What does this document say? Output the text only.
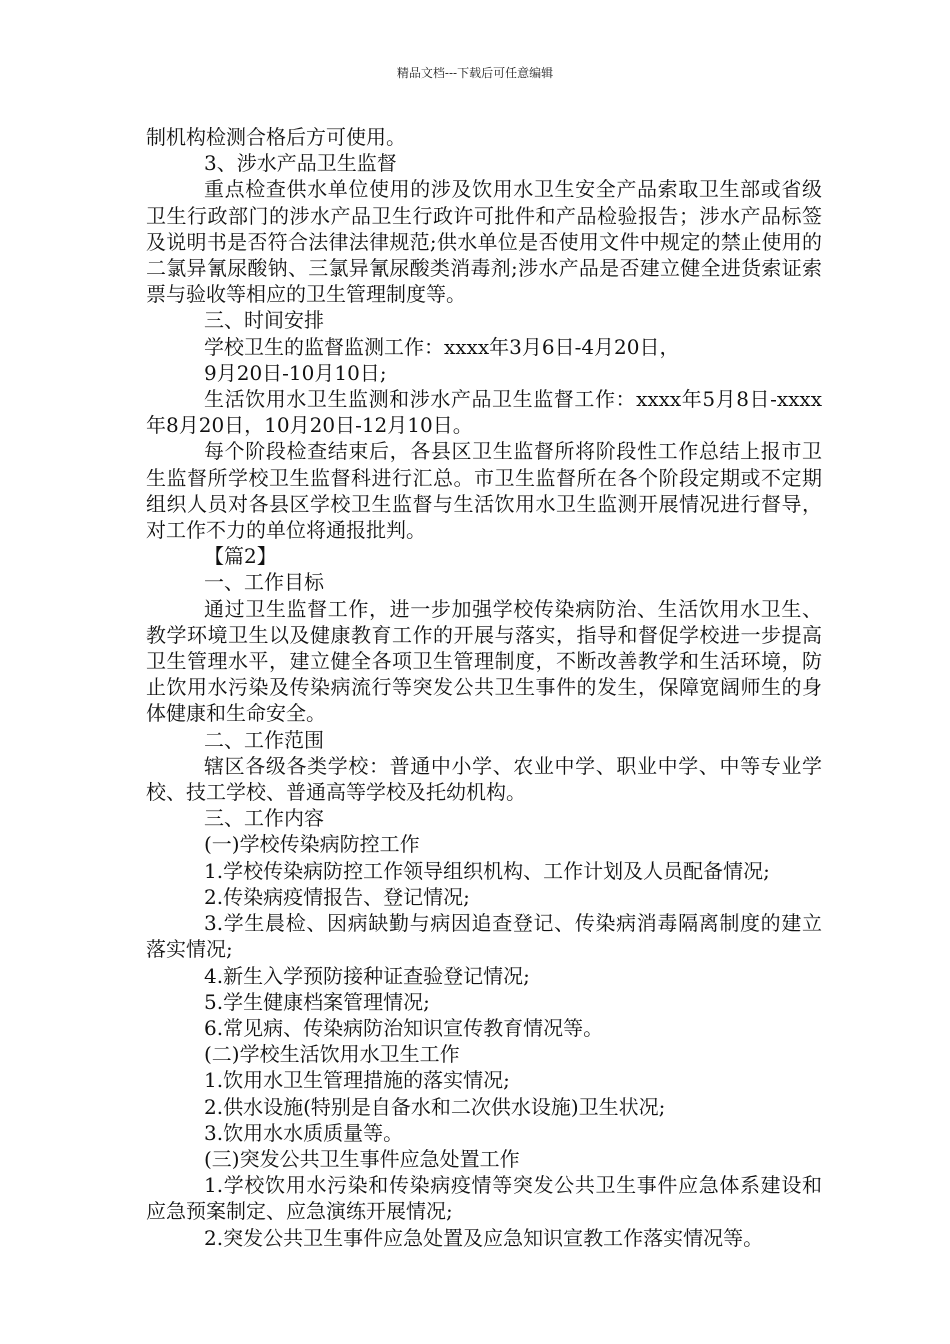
精品文档---下载后可任意编辑

制机构检测合格后方可使用。

3、涉水产品卫生监督

重点检查供水单位使用的涉及饮用水卫生安全产品索取卫生部或省级卫生行政部门的涉水产品卫生行政许可批件和产品检验报告；涉水产品标签及说明书是否符合法律法律规范;供水单位是否使用文件中规定的禁止使用的二氯异氰尿酸钠、三氯异氰尿酸类消毒剂;涉水产品是否建立健全进货索证索票与验收等相应的卫生管理制度等。

三、时间安排

学校卫生的监督监测工作：xxxx年3月6日-4月20日，

9月20日-10月10日;

生活饮用水卫生监测和涉水产品卫生监督工作：xxxx年5月8日-xxxx年8月20日，10月20日-12月10日。

每个阶段检查结束后，各县区卫生监督所将阶段性工作总结上报市卫生监督所学校卫生监督科进行汇总。市卫生监督所在各个阶段定期或不定期组织人员对各县区学校卫生监督与生活饮用水卫生监测开展情况进行督导，对工作不力的单位将通报批判。

【篇2】

一、工作目标

通过卫生监督工作，进一步加强学校传染病防治、生活饮用水卫生、教学环境卫生以及健康教育工作的开展与落实，指导和督促学校进一步提高卫生管理水平，建立健全各项卫生管理制度，不断改善教学和生活环境，防止饮用水污染及传染病流行等突发公共卫生事件的发生，保障宽阔师生的身体健康和生命安全。

二、工作范围

辖区各级各类学校：普通中小学、农业中学、职业中学、中等专业学校、技工学校、普通高等学校及托幼机构。

三、工作内容

(一)学校传染病防控工作

1.学校传染病防控工作领导组织机构、工作计划及人员配备情况;

2.传染病疫情报告、登记情况;

3.学生晨检、因病缺勤与病因追查登记、传染病消毒隔离制度的建立落实情况;

4.新生入学预防接种证查验登记情况;

5.学生健康档案管理情况;

6.常见病、传染病防治知识宣传教育情况等。

(二)学校生活饮用水卫生工作

1.饮用水卫生管理措施的落实情况;

2.供水设施(特别是自备水和二次供水设施)卫生状况;

3.饮用水水质质量等。

(三)突发公共卫生事件应急处置工作

1.学校饮用水污染和传染病疫情等突发公共卫生事件应急体系建设和应急预案制定、应急演练开展情况;

2.突发公共卫生事件应急处置及应急知识宣教工作落实情况等。
